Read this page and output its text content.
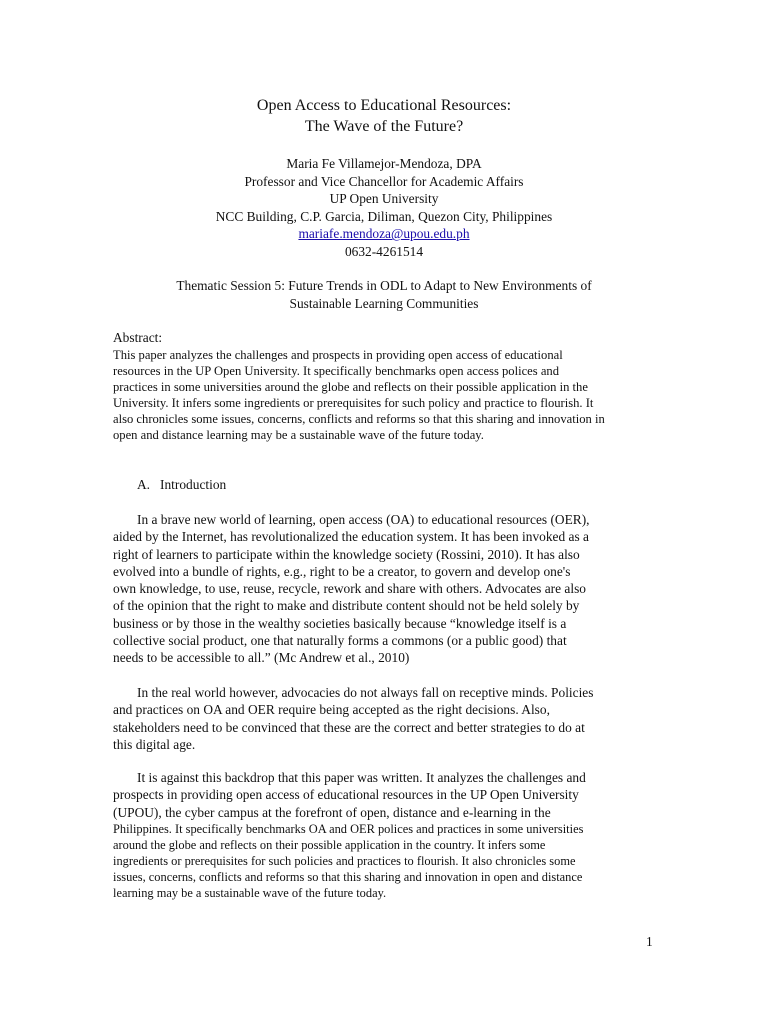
Open Access to Educational Resources:
The Wave of the Future?
Maria Fe Villamejor-Mendoza, DPA
Professor and Vice Chancellor for Academic Affairs
UP Open University
NCC Building, C.P. Garcia, Diliman, Quezon City, Philippines
mariafe.mendoza@upou.edu.ph
0632-4261514
Thematic Session 5: Future Trends in ODL to Adapt to New Environments of
Sustainable Learning Communities
Abstract:
This paper analyzes the challenges and prospects in providing open access of educational
resources in the UP Open University. It specifically benchmarks open access polices and
practices in some universities around the globe and reflects on their possible application in the
University. It infers some ingredients or prerequisites for such policy and practice to flourish. It
also chronicles some issues, concerns, conflicts and reforms so that this sharing and innovation in
open and distance learning may be a sustainable wave of the future today.
A. Introduction
In a brave new world of learning, open access (OA) to educational resources (OER),
aided by the Internet, has revolutionalized the education system. It has been invoked as a
right of learners to participate within the knowledge society (Rossini, 2010). It has also
evolved into a bundle of rights, e.g., right to be a creator, to govern and develop one's
own knowledge, to use, reuse, recycle, rework and share with others. Advocates are also
of the opinion that the right to make and distribute content should not be held solely by
business or by those in the wealthy societies basically because “knowledge itself is a
collective social product, one that naturally forms a commons (or a public good) that
needs to be accessible to all.” (Mc Andrew et al., 2010)
In the real world however, advocacies do not always fall on receptive minds. Policies
and practices on OA and OER require being accepted as the right decisions. Also,
stakeholders need to be convinced that these are the correct and better strategies to do at
this digital age.
It is against this backdrop that this paper was written. It analyzes the challenges and
prospects in providing open access of educational resources in the UP Open University
(UPOU), the cyber campus at the forefront of open, distance and e-learning in the
Philippines. It specifically benchmarks OA and OER polices and practices in some universities
around the globe and reflects on their possible application in the country. It infers some
ingredients or prerequisites for such policies and practices to flourish. It also chronicles some
issues, concerns, conflicts and reforms so that this sharing and innovation in open and distance
learning may be a sustainable wave of the future today.
1
